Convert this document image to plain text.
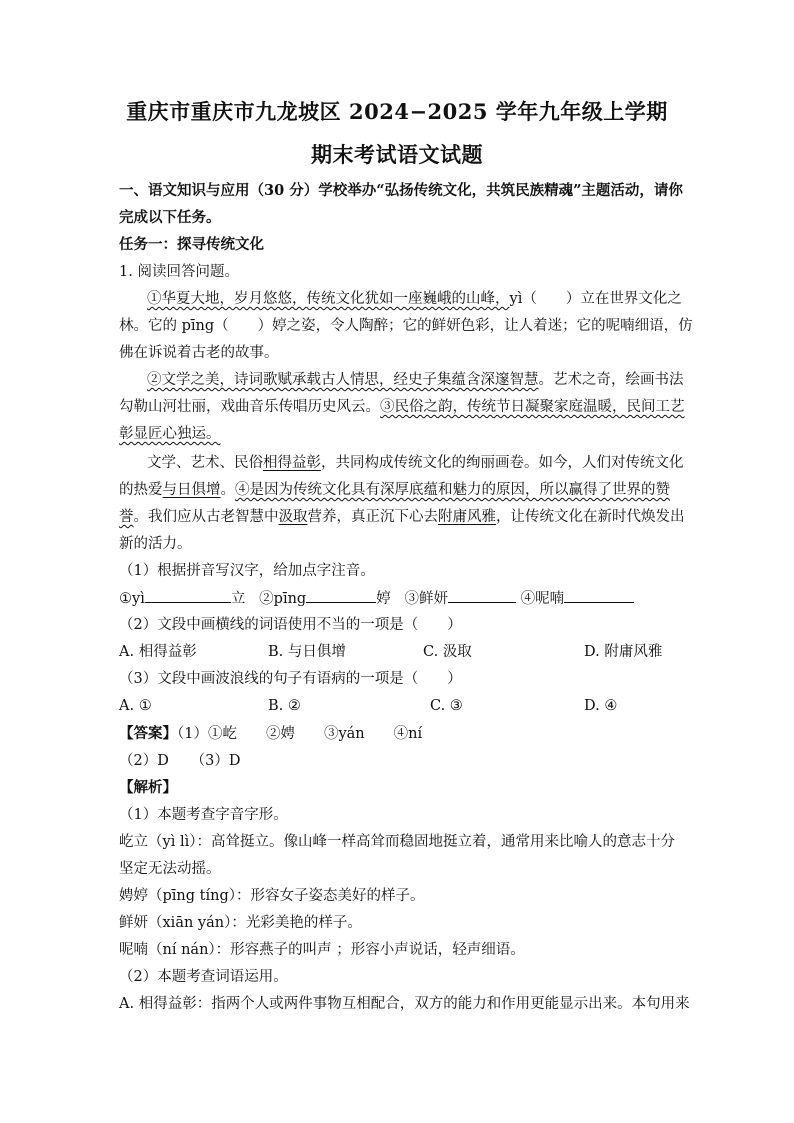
重庆市重庆市九龙坡区 2024−2025 学年九年级上学期
期末考试语文试题
一、语文知识与应用（30 分）学校举办“弘扬传统文化，共筑民族精魂”主题活动，请你
完成以下任务。
任务一：探寻传统文化
1. 阅读回答问题。
①华夏大地，岁月悠悠，传统文化犹如一座巍峨的山峰，yì（　　）立在世界文化之
林。它的 pīng（　　）婷之姿，令人陶醉；它的鲜妍色彩，让人着迷；它的呢喃细语，仿
佛在诉说着古老的故事。
②文学之美，诗词歌赋承载古人情思，经史子集蕴含深邃智慧。艺术之奇，绘画书法
勾勒山河壮丽，戏曲音乐传唱历史风云。③民俗之韵，传统节日凝聚家庭温暖，民间工艺
彰显匠心独运。
文学、艺术、民俗相得益彰，共同构成传统文化的绚丽画卷。如今，人们对传统文化
的热爱与日俱增。④是因为传统文化具有深厚底蕴和魅力的原因，所以赢得了世界的赞
誉。我们应从古老智慧中汲取营养，真正沉下心去附庸风雅，让传统文化在新时代焕发出
新的活力。
（1）根据拼音写汉字，给加点字注音。
①yì	立 ②pīng	婷 ③鲜妍	④呢喃
（2）文段中画横线的词语使用不当的一项是（　　）
A. 相得益彰	B. 与日俱增	C. 汲取	D. 附庸风雅
（3）文段中画波浪线的句子有语病的一项是（　　）
A. ①	B. ②	C. ③	D. ④
【答案】（1）①屹　　②娉　　③yán　　④ní
（2）D　　（3）D
【解析】
（1）本题考查字音字形。
屹立（yì lì）：高耸挺立。像山峰一样高耸而稳固地挺立着，通常用来比喻人的意志十分
坚定无法动摇。
娉婷（pīng tíng）：形容女子姿态美好的样子。
鲜妍（xiān yán）：光彩美艳的样子。
呢喃（ní nán）：形容燕子的叫声 ；形容小声说话，轻声细语。
（2）本题考查词语运用。
A. 相得益彰：指两个人或两件事物互相配合，双方的能力和作用更能显示出来。本句用来
